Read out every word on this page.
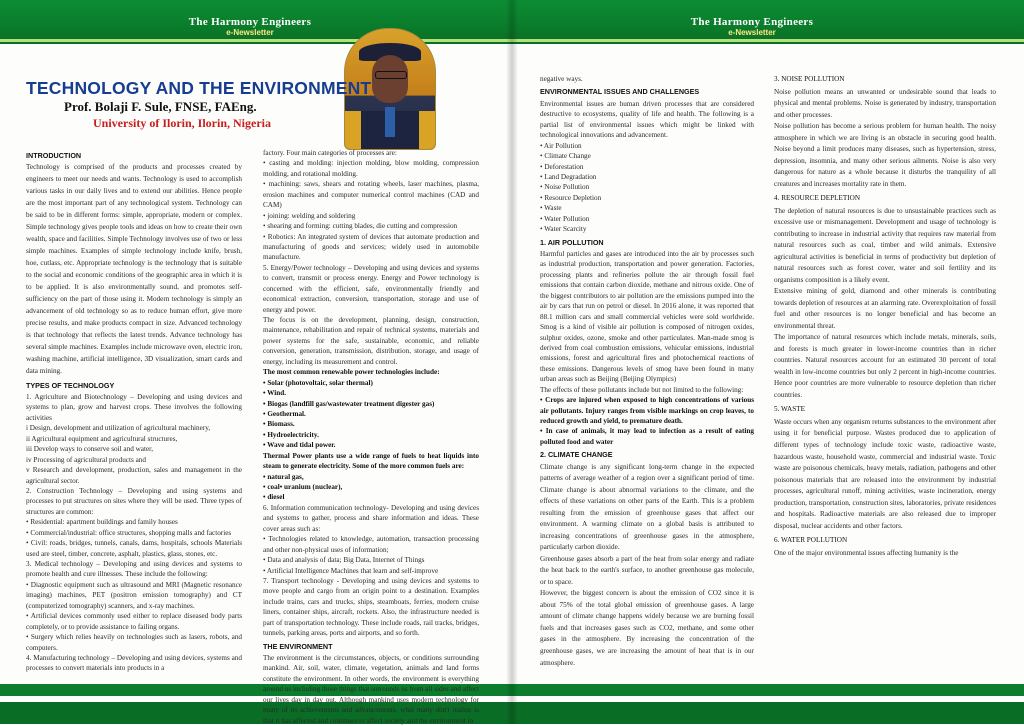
The Harmony Engineers
e-Newsletter
TECHNOLOGY AND THE ENVIRONMENT
Prof. Bolaji F. Sule, FNSE, FAEng.
University of Ilorin, Ilorin, Nigeria
The Harmony Engineers
e-Newsletter

INTRODUCTION

Technology is comprised of the products and processes created by engineers to meet our needs and wants. Technology is used to accomplish various tasks in our daily lives and to extend our abilities. Hence people are the most important part of any technological system. Technology can be said to be in different forms: simple, appropriate, modern or complex. Simple technology gives people tools and ideas on how to create their own wealth, space and facilities. Simple Technology involves use of two or less simple machines. Examples of simple technology include knife, brush, hoe, cutlass, etc. Appropriate technology is the technology that is suitable to the social and economic conditions of the geographic area in which it is to be applied. It is also environmentally sound, and promotes self-sufficiency on the part of those using it. Modern technology is simply an advancement of old technology so as to reduce human effort, give more precise results, and make products compact in size. Advanced technology is that technology that reflects the latest trends. Advance technology has several simple machines. Examples include microwave oven, electric iron, washing machine, artificial intelligence, 3D visualization, smart cards and data mining.

TYPES OF TECHNOLOGY

1. Agriculture and Biotechnology – Developing and using devices and systems to plan, grow and harvest crops. These involves the following activities

i Design, development and utilization of agricultural machinery,

ii Agricultural equipment and agricultural structures,

iii Develop ways to conserve soil and water,

iv Processing of agricultural products and

v Research and development, production, sales and management in the agricultural sector.

2. Construction Technology – Developing and using systems and processes to put structures on sites where they will be used. Three types of structures are common:

• Residential: apartment buildings and family houses

• Commercial/industrial: office structures, shopping malls and factories

• Civil: roads, bridges, tunnels, canals, dams, hospitals, schools Materials used are steel, timber, concrete, asphalt, plastics, glass, stones, etc.

3. Medical technology – Developing and using devices and systems to promote health and cure illnesses. These include the following:

• Diagnostic equipment such as ultrasound and MRI (Magnetic resonance imaging) machines, PET (positron emission tomography) and CT (computerized tomography) scanners, and x-ray machines.

• Artificial devices commonly used either to replace diseased body parts completely, or to provide assistance to failing organs.

• Surgery which relies heavily on technologies such as lasers, robots, and computers.

4. Manufacturing technology – Developing and using devices, systems and processes to convert materials into products in a

factory. Four main categories of processes are:

• casting and molding: injection molding, blow molding, compression molding, and rotational molding.

• machining: saws, shears and rotating wheels, laser machines, plasma, erosion machines and computer numerical control machines (CAD and CAM)

• joining: welding and soldering

• shearing and forming: cutting blades, die cutting and compression

• Robotics: An integrated system of devices that automate production and manufacturing of goods and services; widely used in automobile manufacture.

5. Energy/Power technology – Developing and using devices and systems to convert, transmit or process energy. Energy and Power technology is concerned with the efficient, safe, environmentally friendly and economical extraction, conversion, transportation, storage and use of energy and power.

The focus is on the development, planning, design, construction, maintenance, rehabilitation and repair of technical systems, materials and power systems for the safe, sustainable, economic, and reliable conversion, generation, transmission, distribution, storage, and usage of energy, including its measurement and control.

The most common renewable power technologies include:

• Solar (photovoltaic, solar thermal)

• Wind.

• Biogas (landfill gas/wastewater treatment digester gas)

• Geothermal.

• Biomass.

• Hydroelectricity.

• Wave and tidal power.

Thermal Power plants use a wide range of fuels to heat liquids into steam to generate electricity. Some of the more common fuels are:

• natural gas,

• coal• uranium (nuclear),

• diesel

6. Information communication technology- Developing and using devices and systems to gather, process and share information and ideas. These cover areas such as:

• Technologies related to knowledge, automation, transaction processing and other non-physical uses of information;

• Data and analysis of data; Big Data, Internet of Things

• Artificial Intelligence Machines that learn and self-improve

7. Transport technology - Developing and using devices and systems to move people and cargo from an origin point to a destination. Examples include trains, cars and trucks, ships, steamboats, ferries, modern cruise liners, container ships, aircraft, rockets. Also, the infrastructure needed is part of transportation technology. These include roads, rail tracks, bridges, tunnels, parking areas, ports and airports, and so forth.

THE ENVIRONMENT

The environment is the circumstances, objects, or conditions surrounding mankind. Air, soil, water, climate, vegetation, animals and land forms constitute the environment. In other words, the environment is everything around us including those things that surrounds us from all sides and affect our lives day in day out. Although mankind uses modern technology for many of its achievements and advancements, what many don't realize is that it has affected and continues to affect society and the environment in

negative ways.

ENVIRONMENTAL ISSUES AND CHALLENGES

Environmental issues are human driven processes that are considered destructive to ecosystems, quality of life and health. The following is a partial list of environmental issues which might be linked with technological innovations and advancement.

• Air Pollution

• Climate Change

• Deforestation

• Land Degradation

• Noise Pollution

• Resource Depletion

• Waste

• Water Pollution

• Water Scarcity

1. AIR POLLUTION

Harmful particles and gases are introduced into the air by processes such as industrial production, transportation and power generation. Factories, processing plants and refineries pollute the air through fossil fuel emissions that contain carbon dioxide, methane and nitrous oxide. One of the biggest contributors to air pollution are the emissions pumped into the air by cars that run on petrol or diesel. In 2016 alone, it was reported that 88.1 million cars and small commercial vehicles were sold worldwide. Smog is a kind of visible air pollution is composed of nitrogen oxides, sulphur oxides, ozone, smoke and other particulates. Man-made smog is derived from coal combustion emissions, vehicular emissions, industrial emissions, forest and agricultural fires and photochemical reactions of these emissions. Dangerous levels of smog have been found in many urban areas such as Beijing (Beijing Olympics)

The effects of these pollutants include but not limited to the following:

• Crops are injured when exposed to high concentrations of various air pollutants. Injury ranges from visible markings on crop leaves, to reduced growth and yield, to premature death.

• In case of animals, it may lead to infection as a result of eating polluted food and water

2. CLIMATE CHANGE

Climate change is any significant long-term change in the expected patterns of average weather of a region over a significant period of time. Climate change is about abnormal variations to the climate, and the effects of these variations on other parts of the Earth. This is a problem resulting from the emission of greenhouse gases that affect our environment. A warming climate on a global basis is attributed to increasing concentrations of greenhouse gases in the atmosphere, particularly carbon dioxide.

Greenhouse gases absorb a part of the heat from solar energy and radiate the heat back to the earth's surface, to another greenhouse gas molecule, or to space.

However, the biggest concern is about the emission of CO2 since it is about 75% of the total global emission of greenhouse gases. A large amount of climate change happens widely because we are burning fossil fuels and that increases gases such as CO2, methane, and some other gases in the atmosphere. By increasing the concentration of the greenhouse gases, we are increasing the amount of heat that is in our atmosphere.

3. NOISE POLLUTION

Noise pollution means an unwanted or undesirable sound that leads to physical and mental problems. Noise is generated by industry, transportation and other processes.

Noise pollution has become a serious problem for human health. The noisy atmosphere in which we are living is an obstacle in securing good health. Noise beyond a limit produces many diseases, such as hypertension, stress, depression, insomnia, and many other serious ailments. Noise is also very dangerous for nature as a whole because it disturbs the tranquility of all creatures and increases mortality rate in them.

4. RESOURCE DEPLETION

The depletion of natural resources is due to unsustainable practices such as excessive use or mismanagement. Development and usage of technology is contributing to increase in industrial activity that requires raw material from natural resources such as coal, timber and wild animals. Extensive agricultural activities is beneficial in terms of productivity but depletion of natural resources such as forest cover, water and soil fertility and its organisms composition is a likely event.

Extensive mining of gold, diamond and other minerals is contributing towards depletion of resources at an alarming rate. Overexploitation of fossil fuel and other resources is no longer beneficial and has become an environmental threat.

The importance of natural resources which include metals, minerals, soils, and forests is much greater in lower-income countries than in richer countries. Natural resources account for an estimated 30 percent of total wealth in low-income countries but only 2 percent in high-income countries. Hence poor countries are more vulnerable to resource depletion than richer countries.

5. WASTE

Waste occurs when any organism returns substances to the environment after using it for beneficial purpose. Wastes produced due to application of different types of technology include toxic waste, radioactive waste, hazardous waste, household waste, commercial and industrial waste. Toxic waste are poisonous chemicals, heavy metals, radiation, pathogens and other poisonous materials that are released into the environment by industrial processes, agricultural runoff, mining activities, waste incineration, energy production, transportation, construction sites, laboratories, private residences and hospitals. Radioactive materials are also released due to improper disposal, nuclear accidents and other factors.

6. WATER POLLUTION

One of the major environmental issues affecting humanity is the
